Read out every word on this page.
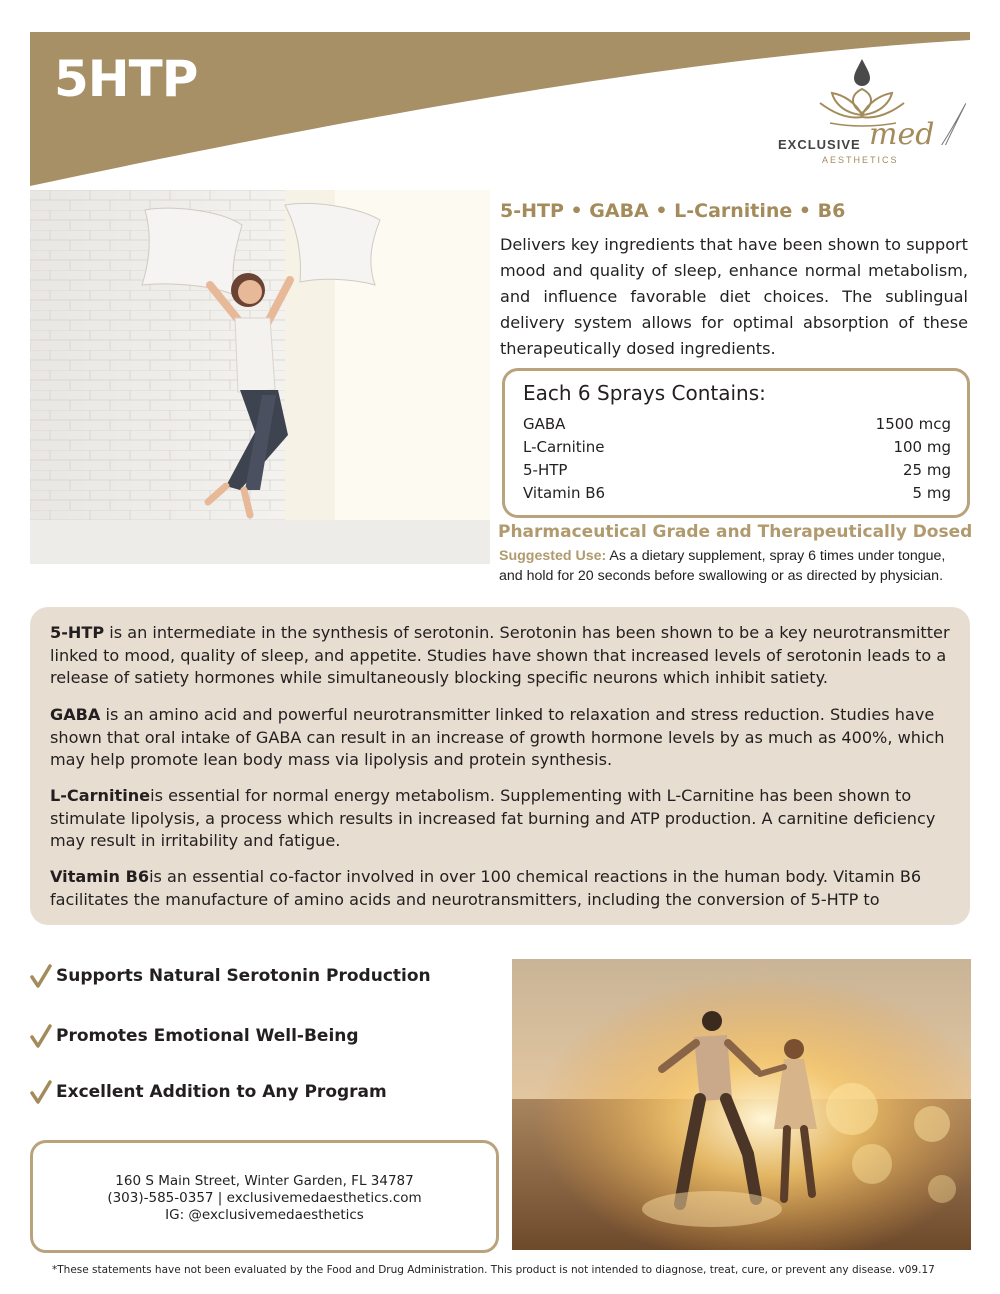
5HTP
EXCLUSIVE med
AESTHETICS
5-HTP • GABA • L-Carnitine • B6
Delivers key ingredients that have been shown to support mood and quality of sleep, enhance normal metabolism, and influence favorable diet choices. The sublingual delivery system allows for optimal absorption of these therapeutically dosed ingredients.
Each 6 Sprays Contains:
GABA	1500 mcg
L-Carnitine	100 mg
5-HTP	25 mg
Vitamin B6	5 mg
Pharmaceutical Grade and Therapeutically Dosed
Suggested Use: As a dietary supplement, spray 6 times under tongue, and hold for 20 seconds before swallowing or as directed by physician.
5-HTP is an intermediate in the synthesis of serotonin. Serotonin has been shown to be a key neurotransmitter linked to mood, quality of sleep, and appetite. Studies have shown that increased levels of serotonin leads to a release of satiety hormones while simultaneously blocking specific neurons which inhibit satiety.
GABA is an amino acid and powerful neurotransmitter linked to relaxation and stress reduction. Studies have shown that oral intake of GABA can result in an increase of growth hormone levels by as much as 400%, which may help promote lean body mass via lipolysis and protein synthesis.
L-Carnitineis essential for normal energy metabolism. Supplementing with L-Carnitine has been shown to stimulate lipolysis, a process which results in increased fat burning and ATP production. A carnitine deficiency may result in irritability and fatigue.
Vitamin B6is an essential co-factor involved in over 100 chemical reactions in the human body. Vitamin B6 facilitates the manufacture of amino acids and neurotransmitters, including the conversion of 5-HTP to
Supports Natural Serotonin Production
Promotes Emotional Well-Being
Excellent Addition to Any Program
160 S Main Street, Winter Garden, FL 34787
(303)-585-0357 | exclusivemedaesthetics.com
IG: @exclusivemedaesthetics
*These statements have not been evaluated by the Food and Drug Administration. This product is not intended to diagnose, treat, cure, or prevent any disease. v09.17
